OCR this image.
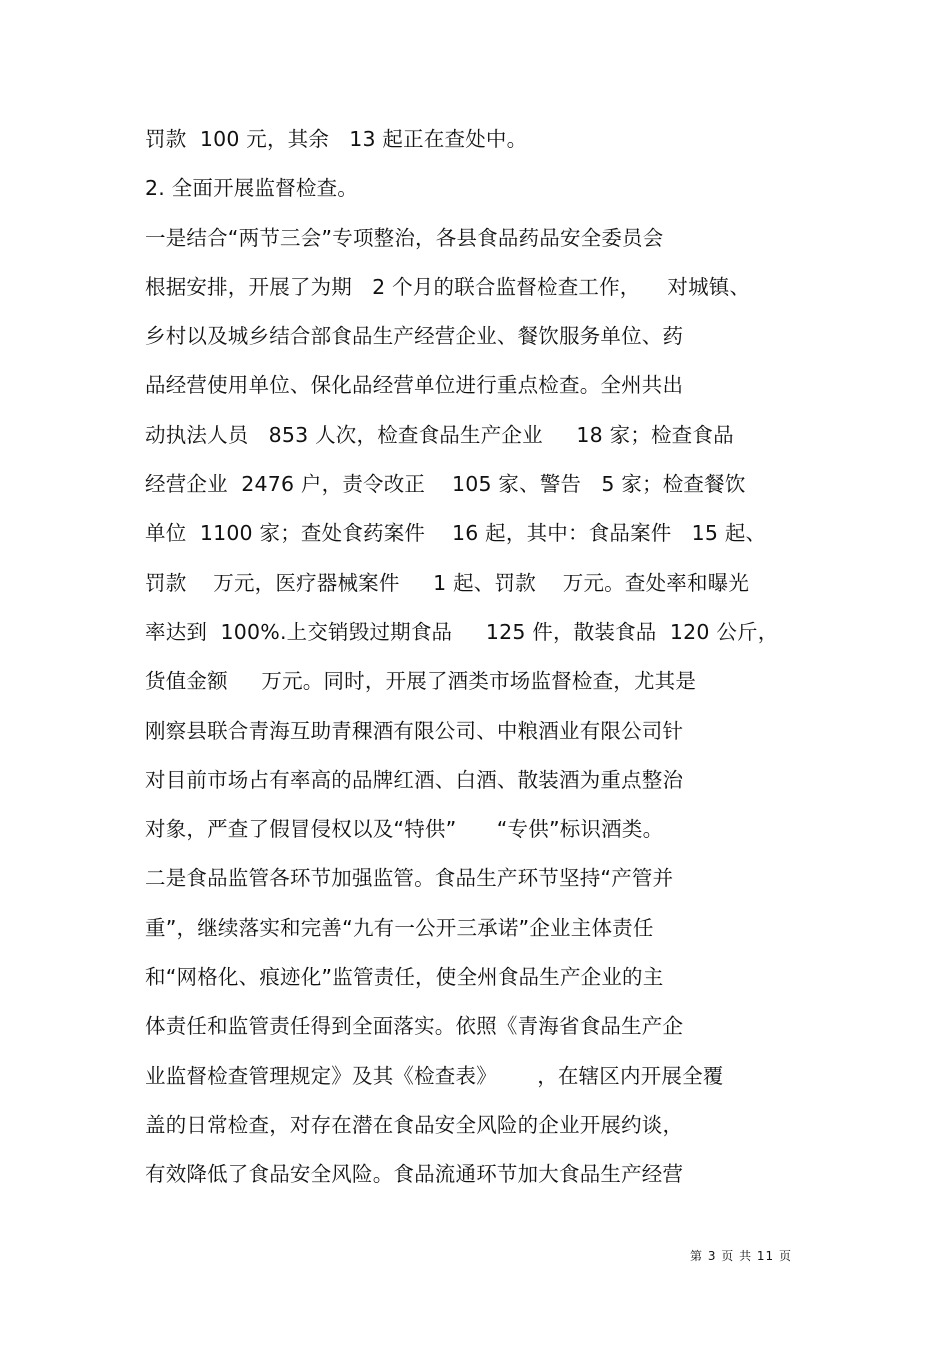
罚款  100 元，其余   13 起正在查处中。
2. 全面开展监督检查。
一是结合“两节三会”专项整治，各县食品药品安全委员会
根据安排，开展了为期   2 个月的联合监督检查工作，    对城镇、
乡村以及城乡结合部食品生产经营企业、餐饮服务单位、药
品经营使用单位、保化品经营单位进行重点检查。全州共出
动执法人员   853 人次，检查食品生产企业     18 家；检查食品
经营企业  2476 户，责令改正    105 家、警告   5 家；检查餐饮
单位  1100 家；查处食药案件    16 起，其中：食品案件   15 起、
罚款    万元，医疗器械案件     1 起、罚款    万元。查处率和曝光
率达到  100%.上交销毁过期食品     125 件，散装食品  120 公斤，
货值金额     万元。同时，开展了酒类市场监督检查，尤其是
刚察县联合青海互助青稞酒有限公司、中粮酒业有限公司针
对目前市场占有率高的品牌红酒、白酒、散装酒为重点整治
对象，严查了假冒侵权以及“特供”      “专供”标识酒类。
二是食品监管各环节加强监管。食品生产环节坚持“产管并
重”，继续落实和完善“九有一公开三承诺”企业主体责任
和“网格化、痕迹化”监管责任，使全州食品生产企业的主
体责任和监管责任得到全面落实。依照《青海省食品生产企
业监督检查管理规定》及其《检查表》      ，在辖区内开展全覆
盖的日常检查，对存在潜在食品安全风险的企业开展约谈，
有效降低了食品安全风险。食品流通环节加大食品生产经营
第 3 页 共 11 页
